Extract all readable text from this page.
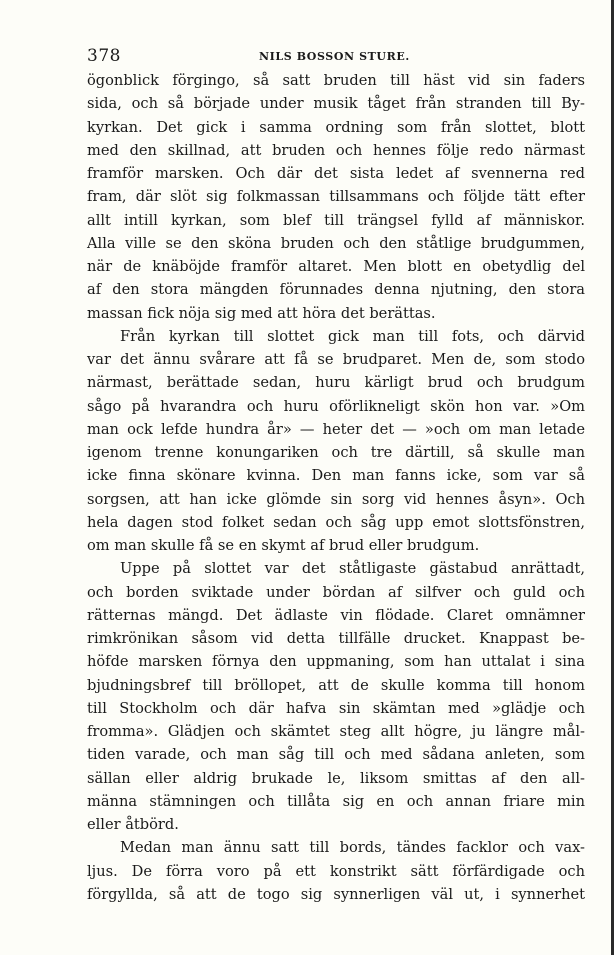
378	NILS BOSSON STURE.
ögonblick förgingo, så satt bruden till häst vid sin faders
sida, och så började under musik tåget från stranden till By-
kyrkan. Det gick i samma ordning som från slottet, blott
med den skillnad, att bruden och hennes följe redo närmast
framför marsken. Och där det sista ledet af svennerna red
fram, där slöt sig folkmassan tillsammans och följde tätt efter
allt intill kyrkan, som blef till trängsel fylld af människor.
Alla ville se den sköna bruden och den ståtlige brudgummen,
när de knäböjde framför altaret. Men blott en obetydlig del
af den stora mängden förunnades denna njutning, den stora
massan fick nöja sig med att höra det berättas.
Från kyrkan till slottet gick man till fots, och därvid
var det ännu svårare att få se brudparet. Men de, som stodo
närmast, berättade sedan, huru kärligt brud och brudgum
sågo på hvarandra och huru oförlikneligt skön hon var. »Om
man ock lefde hundra år» — heter det — »och om man letade
igenom trenne konungariken och tre därtill, så skulle man
icke finna skönare kvinna. Den man fanns icke, som var så
sorgsen, att han icke glömde sin sorg vid hennes åsyn». Och
hela dagen stod folket sedan och såg upp emot slottsfönstren,
om man skulle få se en skymt af brud eller brudgum.
Uppe på slottet var det ståtligaste gästabud anrättadt,
och borden sviktade under bördan af silfver och guld och
rätternas mängd. Det ädlaste vin flödade. Claret omnämner
rimkrönikan såsom vid detta tillfälle drucket. Knappast be-
höfde marsken förnya den uppmaning, som han uttalat i sina
bjudningsbref till bröllopet, att de skulle komma till honom
till Stockholm och där hafva sin skämtan med »glädje och
fromma». Glädjen och skämtet steg allt högre, ju längre mål-
tiden varade, och man såg till och med sådana anleten, som
sällan eller aldrig brukade le, liksom smittas af den all-
männa stämningen och tillåta sig en och annan friare min
eller åtbörd.
Medan man ännu satt till bords, tändes facklor och vax-
ljus. De förra voro på ett konstrikt sätt förfärdigade och
förgyllda, så att de togo sig synnerligen väl ut, i synnerhet
